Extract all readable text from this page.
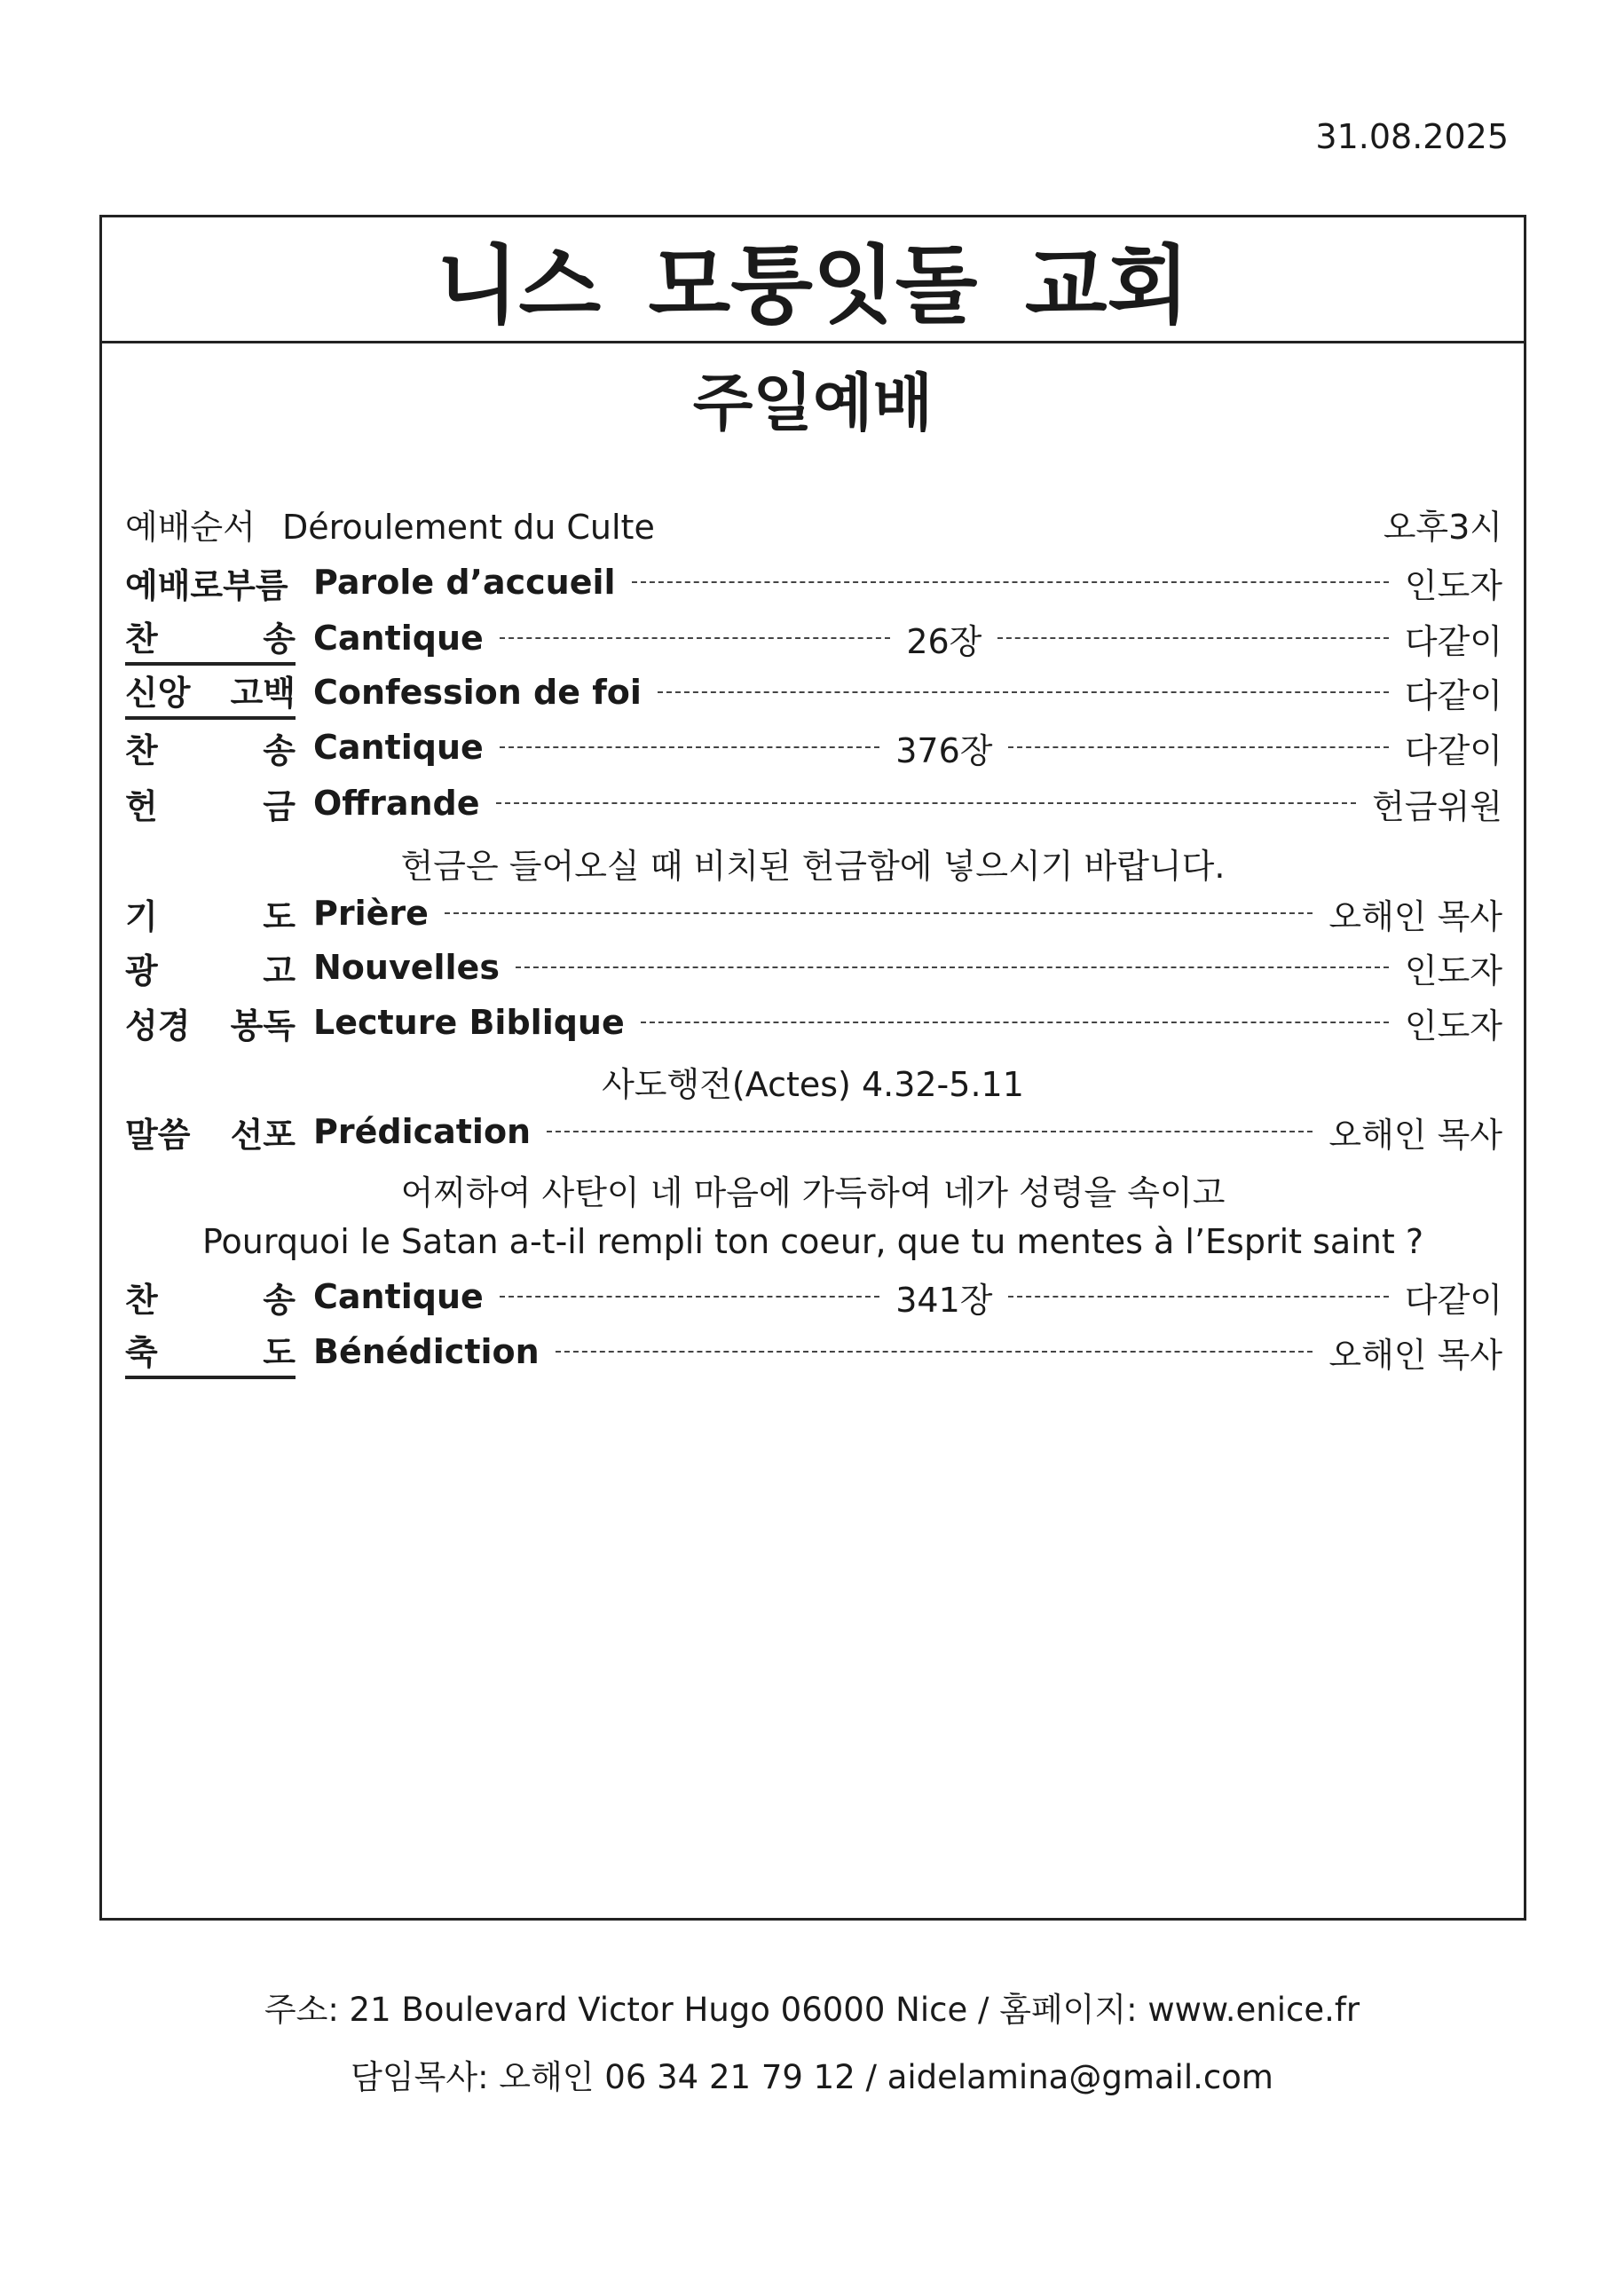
31.08.2025
니스 모퉁잇돌 교회
주일예배
예배순서 Déroulement du Culte	오후3시
예배로부름 Parole d’accueil	인도자
찬	송 Cantique	26장	다같이
신앙 고백 Confession de foi	다같이
찬	송 Cantique	376장	다같이
헌	금 Offrande	헌금위원
헌금은 들어오실 때 비치된 헌금함에 넣으시기 바랍니다.
기	도 Prière	오해인 목사
광	고 Nouvelles	인도자
성경 봉독 Lecture Biblique	인도자
사도행전(Actes) 4.32-5.11
말씀 선포 Prédication	오해인 목사
어찌하여 사탄이 네 마음에 가득하여 네가 성령을 속이고
Pourquoi le Satan a-t-il rempli ton coeur, que tu mentes à l’Esprit saint ?
찬	송 Cantique	341장	다같이
축	도 Bénédiction	오해인 목사
주소: 21 Boulevard Victor Hugo 06000 Nice / 홈페이지: www.enice.fr
담임목사: 오해인 06 34 21 79 12 / aidelamina@gmail.com
